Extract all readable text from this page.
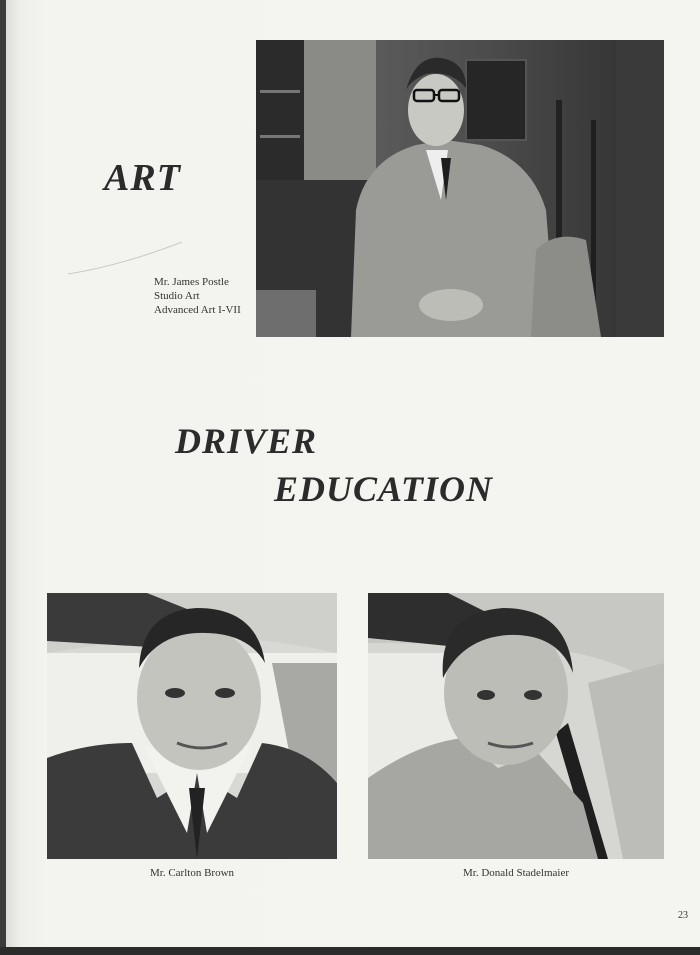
ART
Mr. James Postle
Studio Art
Advanced Art I-VII
DRIVER
EDUCATION
Mr. Carlton Brown	Mr. Donald Stadelmaier
23
